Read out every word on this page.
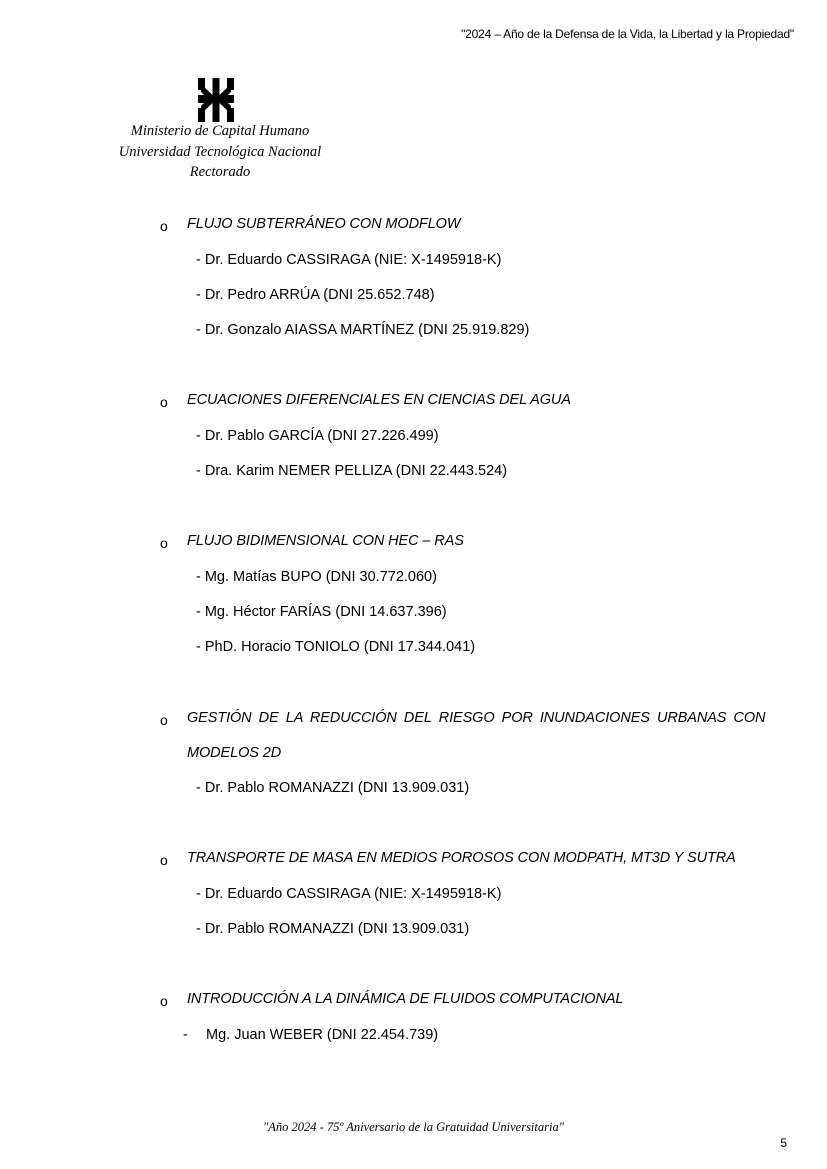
"2024 – Año de la Defensa de la Vida, la Libertad y la Propiedad"
Ministerio de Capital Humano
Universidad Tecnológica Nacional
Rectorado
o FLUJO SUBTERRÁNEO CON MODFLOW
- Dr. Eduardo CASSIRAGA (NIE: X-1495918-K)
- Dr. Pedro ARRÚA (DNI 25.652.748)
- Dr. Gonzalo AIASSA MARTÍNEZ (DNI 25.919.829)
o ECUACIONES DIFERENCIALES EN CIENCIAS DEL AGUA
- Dr. Pablo GARCÍA (DNI 27.226.499)
- Dra. Karim NEMER PELLIZA (DNI 22.443.524)
o FLUJO BIDIMENSIONAL CON HEC – RAS
- Mg. Matías BUPO (DNI 30.772.060)
- Mg. Héctor FARÍAS (DNI 14.637.396)
- PhD. Horacio TONIOLO (DNI 17.344.041)
o GESTIÓN DE LA REDUCCIÓN DEL RIESGO POR INUNDACIONES URBANAS CON
MODELOS 2D
- Dr. Pablo ROMANAZZI (DNI 13.909.031)
o TRANSPORTE DE MASA EN MEDIOS POROSOS CON MODPATH, MT3D Y SUTRA
- Dr. Eduardo CASSIRAGA (NIE: X-1495918-K)
- Dr. Pablo ROMANAZZI (DNI 13.909.031)
o INTRODUCCIÓN A LA DINÁMICA DE FLUIDOS COMPUTACIONAL
- Mg. Juan WEBER (DNI 22.454.739)
"Año 2024 - 75º Aniversario de la Gratuidad Universitaria"
5
